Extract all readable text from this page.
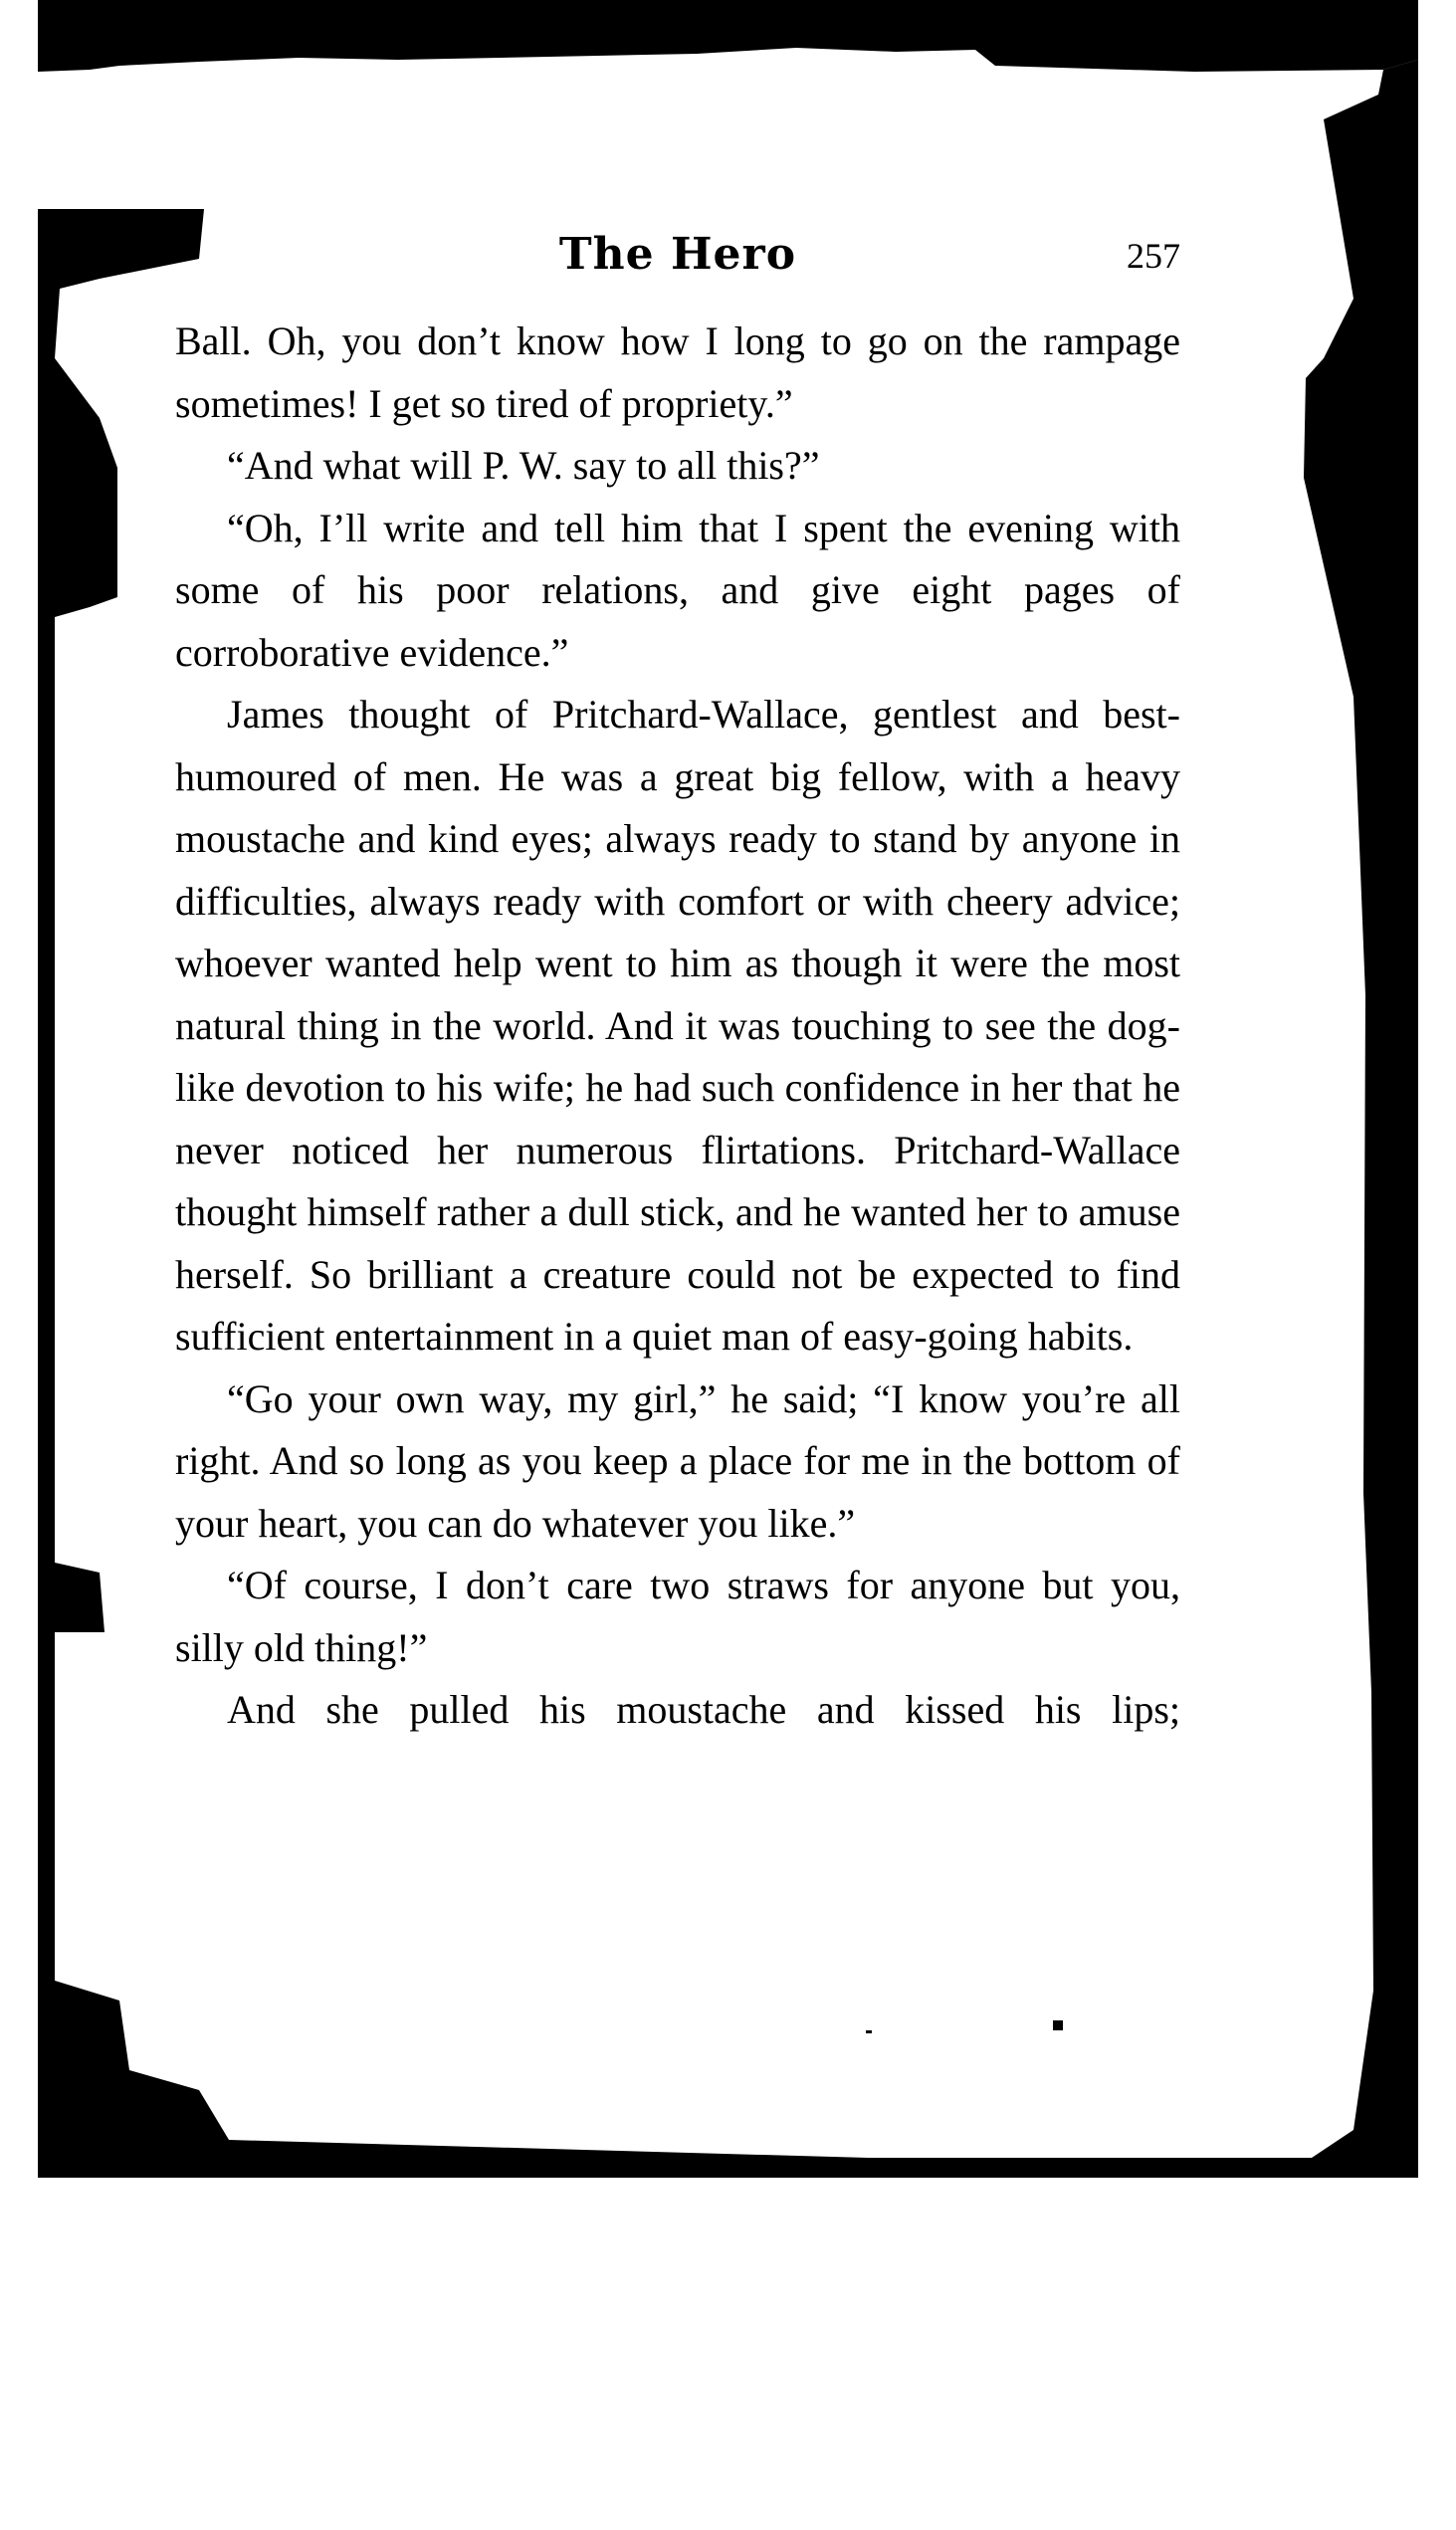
The Hero	257

Ball. Oh, you don’t know how I long to go on the rampage sometimes! I get so tired of propriety.”

“And what will P. W. say to all this?”

“Oh, I’ll write and tell him that I spent the evening with some of his poor relations, and give eight pages of corroborative evidence.”

James thought of Pritchard-Wallace, gentlest and best-humoured of men. He was a great big fellow, with a heavy moustache and kind eyes; always ready to stand by anyone in difficulties, always ready with comfort or with cheery advice; whoever wanted help went to him as though it were the most natural thing in the world. And it was touching to see the dog-like devotion to his wife; he had such confidence in her that he never noticed her numerous flirtations. Pritchard-Wallace thought himself rather a dull stick, and he wanted her to amuse herself. So brilliant a creature could not be expected to find sufficient entertainment in a quiet man of easy-going habits.

“Go your own way, my girl,” he said; “I know you’re all right. And so long as you keep a place for me in the bottom of your heart, you can do whatever you like.”

“Of course, I don’t care two straws for anyone but you, silly old thing!”

And she pulled his moustache and kissed his lips;
